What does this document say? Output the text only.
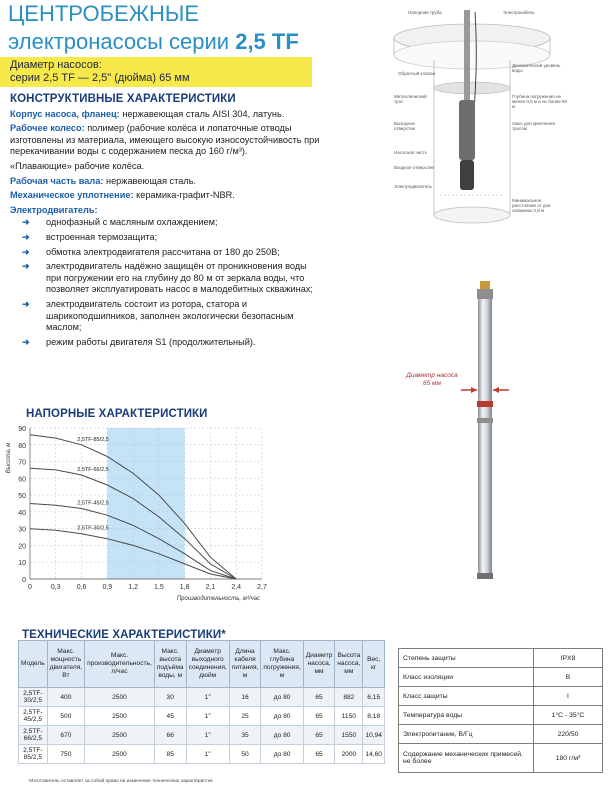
ЦЕНТРОБЕЖНЫЕ
электронасосы серии 2,5 TF
Диаметр насосов:
серии 2,5 TF — 2,5" (дюйма) 65 мм
КОНСТРУКТИВНЫЕ ХАРАКТЕРИСТИКИ

Корпус насоса, фланец: нержавеющая сталь AISI 304, латунь.

Рабочее колесо: полимер (рабочие колёса и лопаточные отводы изготовлены из материала, имеющего высокую износоустойчивость при перекачивании воды с содержанием песка до 160 г/м³).

«Плавающие» рабочие колёса.

Рабочая часть вала: нержавеющая сталь.

Механическое уплотнение: керамика-графит-NBR.

Электродвигатель:

➜ однофазный с масляным охлаждением;

➜ встроенная термозащита;

➜ обмотка электродвигателя рассчитана от 180 до 250В;

➜ электродвигатель надёжно защищён от проникновения воды при погружении его на глубину до 80 м от зеркала воды, что позволяет эксплуатировать насос в малодебитных скважинах;

➜ электродвигатель состоит из ротора, статора и шарикоподшипников, заполнен экологически безопасным маслом;

➜ режим работы двигателя S1 (продолжительный).

Напорная труба	Электрокабель
Обратный клапан
Динамический уровень воды
Металлический трос
Глубина погружения не менее 0,5 м и не более 80 м
Выходное отверстие
Ушко для крепления тросом
Насосная часть
Входное отверстие
Электродвигатель
Минимальное расстояние от дна скважины 0,8 м
Диаметр насоса
65 мм
НАПОРНЫЕ ХАРАКТЕРИСТИКИ
0
10
20
30
40
50
60
70
80
90
0,3 0,6 0,9 1,2 1,5 1,8 2,1 2,4 2,7
0
Производительность, м³/час
Высота, м
2,5TF-85/2,5
2,5TF-66/2,5
2,5TF-45/2,5
2,5TF-30/2,5
ТЕХНИЧЕСКИЕ ХАРАКТЕРИСТИКИ*
Модель	Макс. мощность двигателя, Вт	Макс. производительность, л/час	Макс. высота подъёма воды, м	Диаметр выходного соединения, дюйм	Длина кабеля питания, м	Макс. глубина погружения, м	Диаметр насоса, мм	Высота насоса, мм	Вес, кг
2,5TF-30/2,5	400	2500	30	1"	16	до 80	65	882	6,15
2,5TF-45/2,5	500	2500	45	1"	25	до 80	65	1150	8,18
2,5TF-66/2,5	670	2500	66	1"	35	до 80	65	1550	10,94
2,5TF-85/2,5	750	2500	85	1"	50	до 80	65	2000	14,60
*Изготовитель оставляет за собой право на изменение технических характеристик
Степень защиты	IPX8
Класс изоляции	B
Класс защиты	I
Температура воды	1°C - 35°C
Электропитание, В/Гц	220/50
Содержание механических примесей, не более	180 г/м³
